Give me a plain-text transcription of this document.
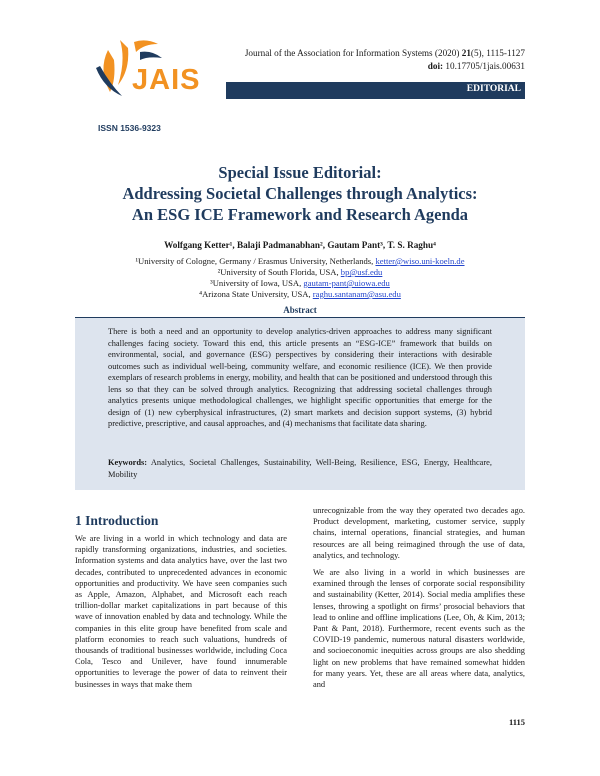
JAIS
Journal of the Association for Information Systems (2020) 21(5), 1115-1127
doi: 10.17705/1jais.00631
EDITORIAL
ISSN 1536-9323
Special Issue Editorial:
Addressing Societal Challenges through Analytics:
An ESG ICE Framework and Research Agenda
Wolfgang Ketter¹, Balaji Padmanabhan², Gautam Pant³, T. S. Raghu⁴
¹University of Cologne, Germany / Erasmus University, Netherlands, ketter@wiso.uni-koeln.de
²University of South Florida, USA, bp@usf.edu
³University of Iowa, USA, gautam-pant@uiowa.edu
⁴Arizona State University, USA, raghu.santanam@asu.edu
Abstract
There is both a need and an opportunity to develop analytics-driven approaches to address many significant challenges facing society. Toward this end, this article presents an “ESG-ICE” framework that builds on environmental, social, and governance (ESG) perspectives by considering their interactions with desirable outcomes such as individual well-being, community welfare, and economic resilience (ICE). We then provide exemplars of research problems in energy, mobility, and health that can be positioned and understood through this lens so that they can be solved through analytics. Recognizing that addressing societal challenges through analytics presents unique methodological challenges, we highlight specific opportunities that emerge for the design of (1) new cyberphysical infrastructures, (2) smart markets and decision support systems, (3) hybrid predictive, prescriptive, and causal approaches, and (4) mechanisms that facilitate data sharing.
Keywords: Analytics, Societal Challenges, Sustainability, Well-Being, Resilience, ESG, Energy, Healthcare, Mobility
1 Introduction
We are living in a world in which technology and data are rapidly transforming organizations, industries, and societies. Information systems and data analytics have, over the last two decades, contributed to unprecedented advances in economic opportunities and productivity. We have seen companies such as Apple, Amazon, Alphabet, and Microsoft each reach trillion-dollar market capitalizations in part because of this wave of innovation enabled by data and technology. While the companies in this elite group have benefited from scale and platform economies to reach such valuations, hundreds of thousands of traditional businesses worldwide, including Coca Cola, Tesco and Unilever, have found innumerable opportunities to leverage the power of data to reinvent their businesses in ways that make them

unrecognizable from the way they operated two decades ago. Product development, marketing, customer service, supply chains, internal operations, financial strategies, and human resources are all being reimagined through the use of data, analytics, and technology.

We are also living in a world in which businesses are examined through the lenses of corporate social responsibility and sustainability (Ketter, 2014). Social media amplifies these lenses, throwing a spotlight on firms’ prosocial behaviors that lead to online and offline implications (Lee, Oh, & Kim, 2013; Pant & Pant, 2018). Furthermore, recent events such as the COVID-19 pandemic, numerous natural disasters worldwide, and socioeconomic inequities across groups are also shedding light on new problems that have remained somewhat hidden for many years. Yet, these are all areas where data, analytics, and

1115
